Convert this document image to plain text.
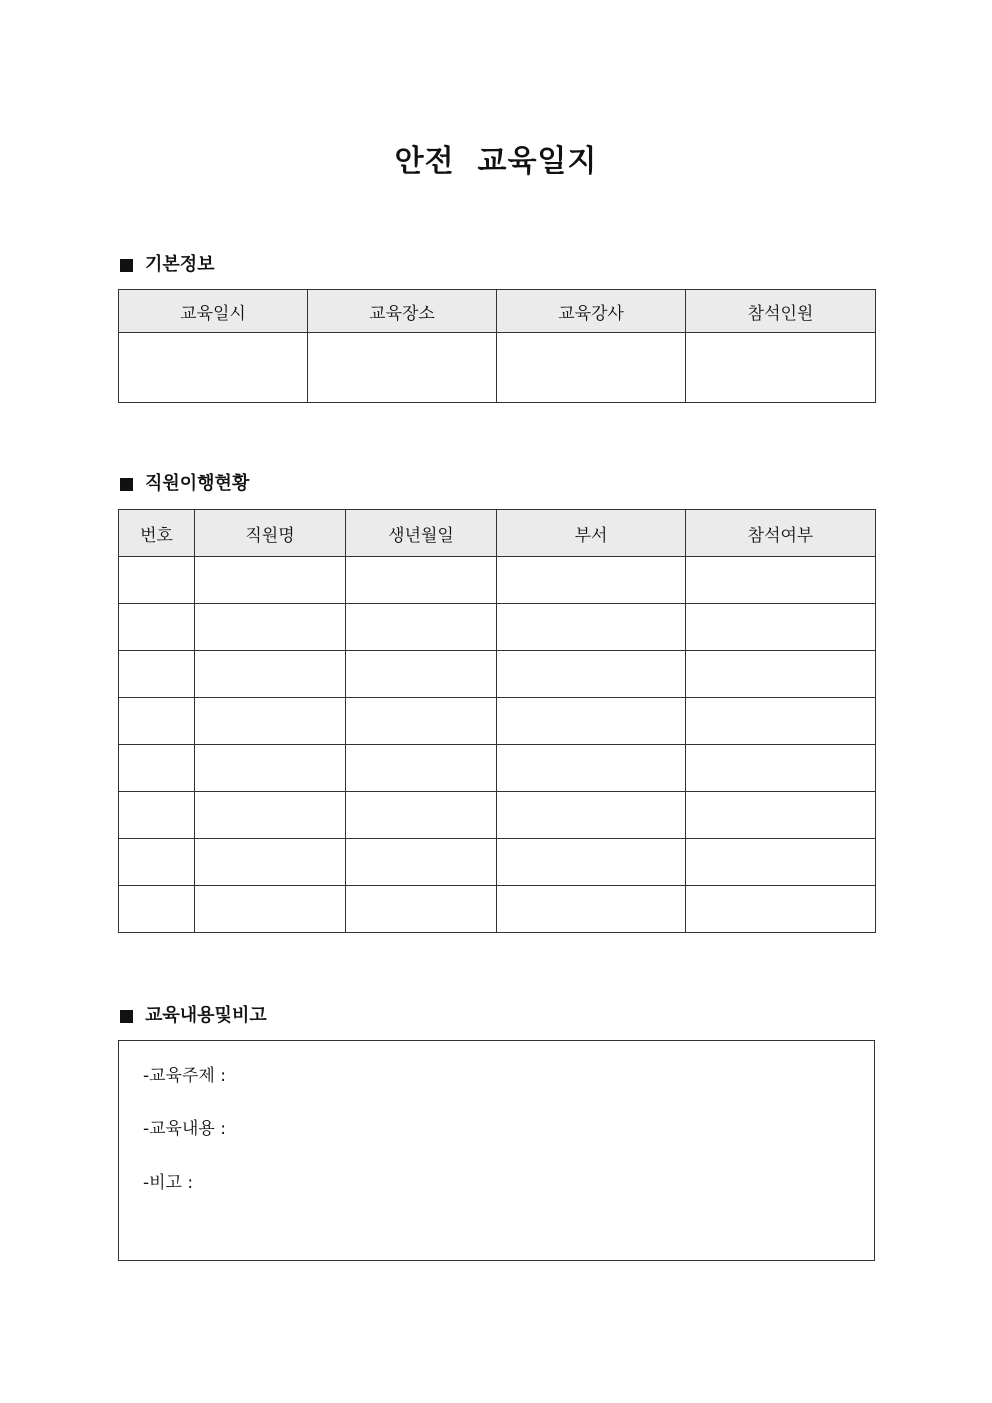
안전  교육일지
기본정보
교육일시	교육장소	교육강사	참석인원

직원이행현황
번호	직원명	생년월일	부서	참석여부

교육내용및비고
-교육주제 :
-교육내용 :
-비고 :
